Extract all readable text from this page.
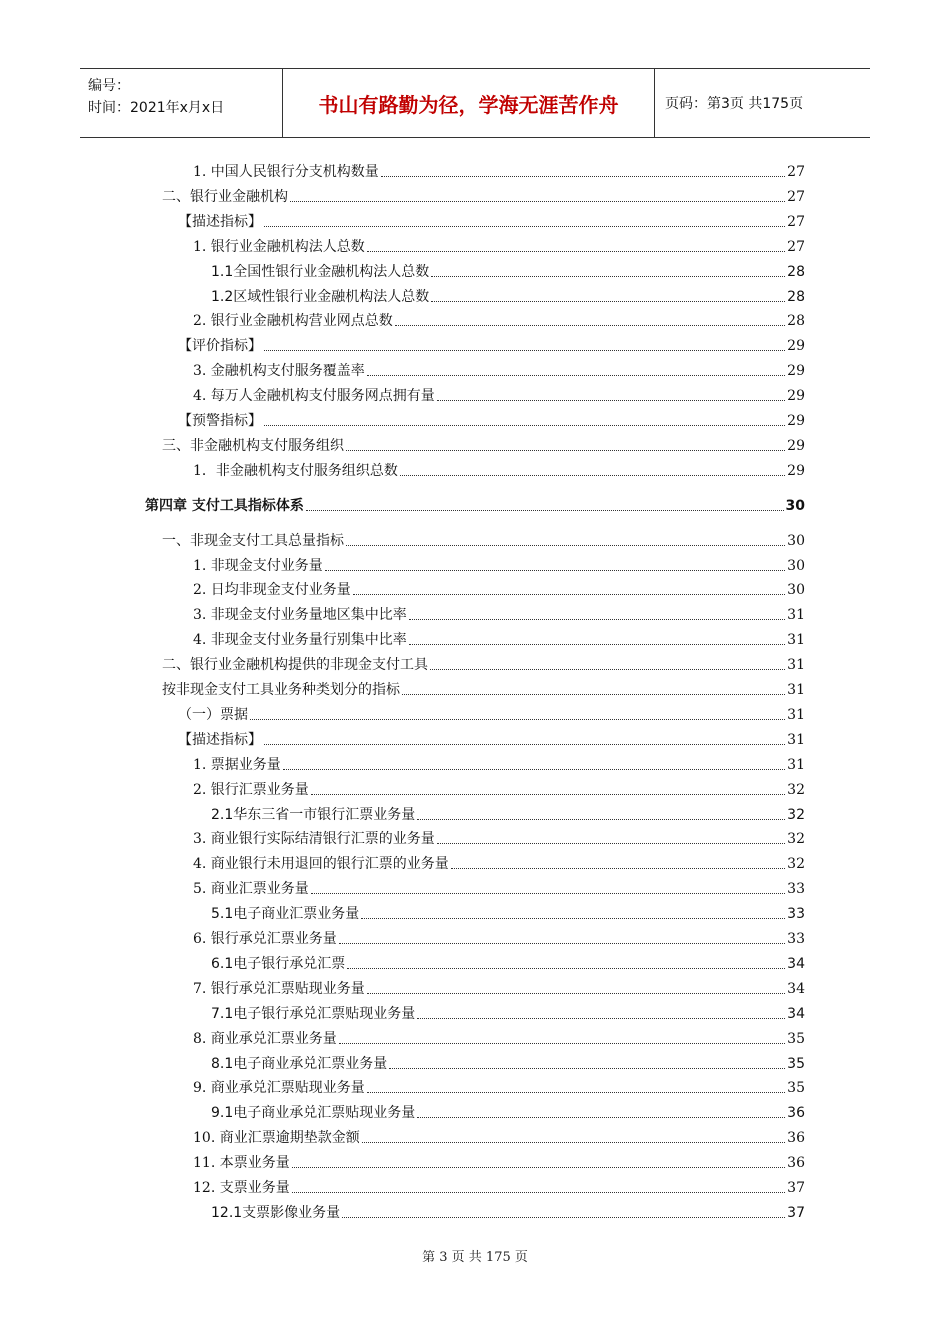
编号：
时间：2021年x月x日	书山有路勤为径，学海无涯苦作舟	页码：第3页 共175页
1. 中国人民银行分支机构数量	27
二、银行业金融机构	27
【描述指标】	27
1. 银行业金融机构法人总数	27
1.1全国性银行业金融机构法人总数	28
1.2区域性银行业金融机构法人总数	28
2. 银行业金融机构营业网点总数	28
【评价指标】	29
3. 金融机构支付服务覆盖率	29
4. 每万人金融机构支付服务网点拥有量	29
【预警指标】	29
三、非金融机构支付服务组织	29
1．非金融机构支付服务组织总数	29
第四章 支付工具指标体系	30
一、非现金支付工具总量指标	30
1. 非现金支付业务量	30
2. 日均非现金支付业务量	30
3. 非现金支付业务量地区集中比率	31
4. 非现金支付业务量行别集中比率	31
二、银行业金融机构提供的非现金支付工具	31
按非现金支付工具业务种类划分的指标	31
（一）票据	31
【描述指标】	31
1. 票据业务量	31
2. 银行汇票业务量	32
2.1华东三省一市银行汇票业务量	32
3. 商业银行实际结清银行汇票的业务量	32
4. 商业银行未用退回的银行汇票的业务量	32
5. 商业汇票业务量	33
5.1电子商业汇票业务量	33
6. 银行承兑汇票业务量	33
6.1电子银行承兑汇票	34
7. 银行承兑汇票贴现业务量	34
7.1电子银行承兑汇票贴现业务量	34
8. 商业承兑汇票业务量	35
8.1电子商业承兑汇票业务量	35
9. 商业承兑汇票贴现业务量	35
9.1电子商业承兑汇票贴现业务量	36
10. 商业汇票逾期垫款金额	36
11. 本票业务量	36
12. 支票业务量	37
12.1支票影像业务量	37
第 3 页 共 175 页
